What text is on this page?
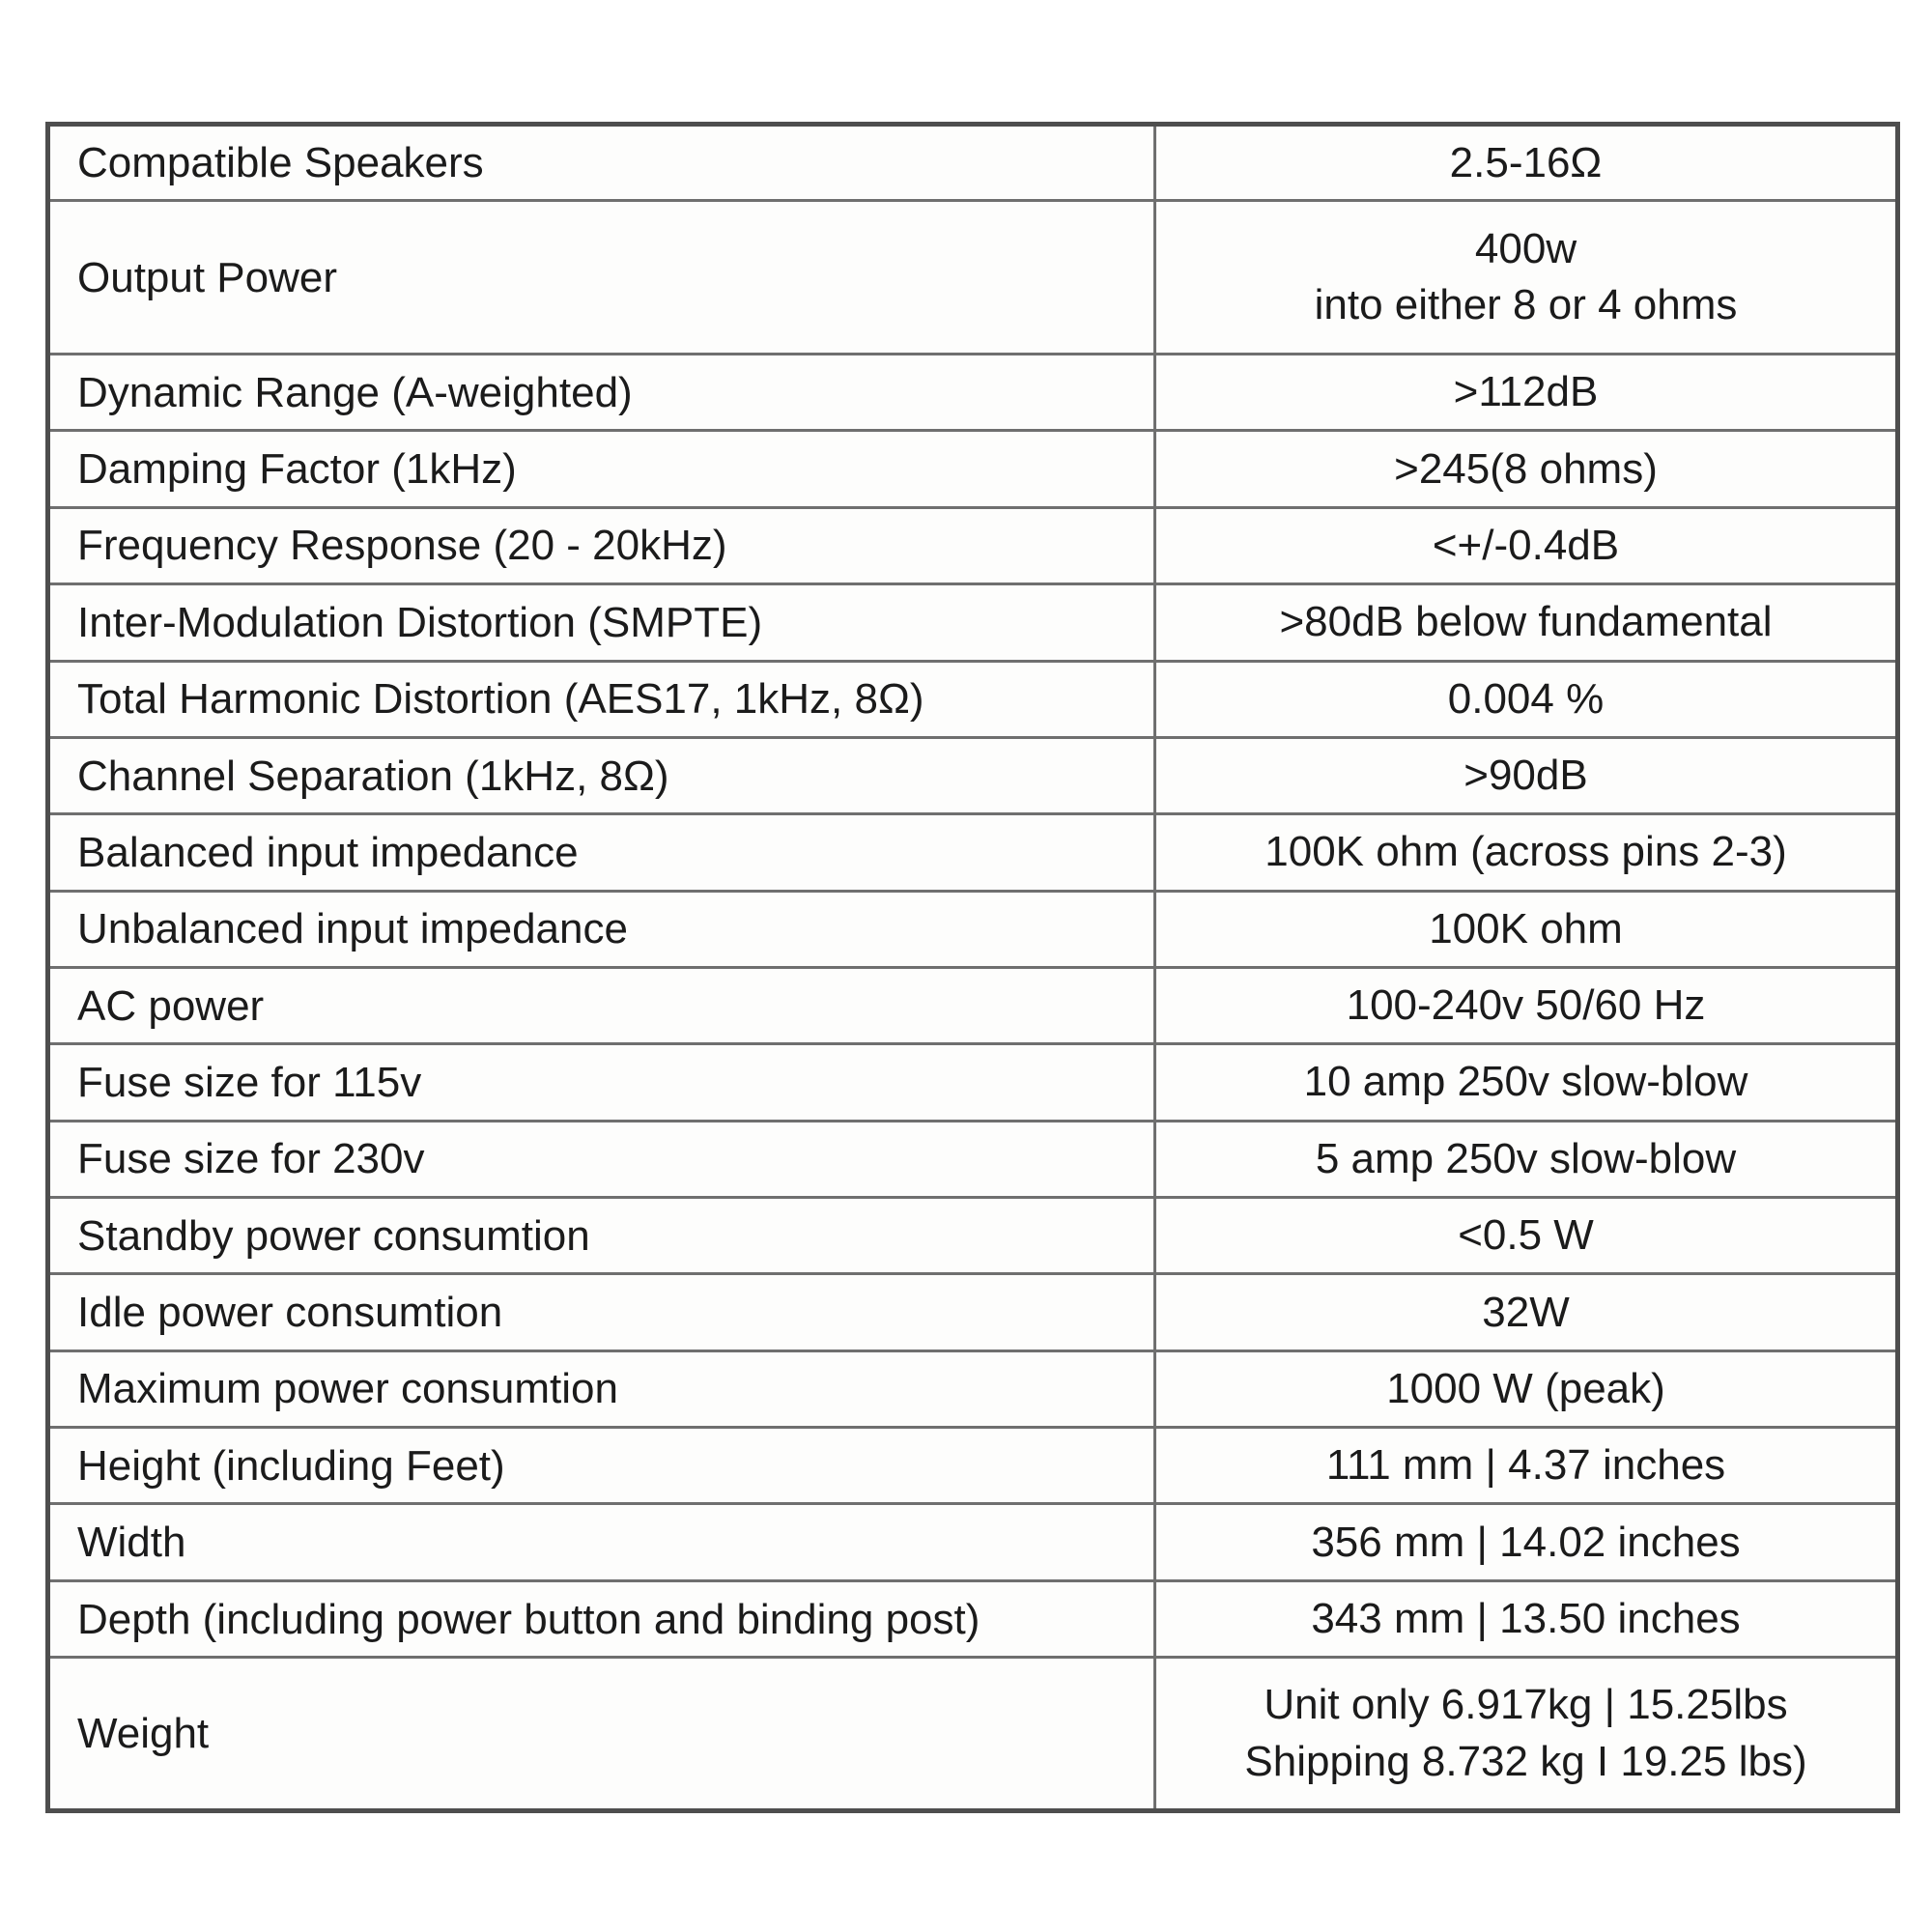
Compatible Speakers	2.5-16Ω

Output Power	400w
into either 8 or 4 ohms

Dynamic Range (A-weighted)	>112dB

Damping Factor (1kHz)	>245(8 ohms)

Frequency Response (20 - 20kHz)	<+/-0.4dB

Inter-Modulation Distortion (SMPTE)	>80dB below fundamental

Total Harmonic Distortion (AES17, 1kHz, 8Ω)	0.004 %

Channel Separation (1kHz, 8Ω)	>90dB

Balanced input impedance	100K ohm (across pins 2-3)

Unbalanced input impedance	100K ohm

AC power	100-240v 50/60 Hz

Fuse size for 115v	10 amp 250v slow-blow

Fuse size for 230v	5 amp 250v slow-blow

Standby power consumtion	<0.5 W

Idle power consumtion	32W

Maximum power consumtion	1000 W (peak)

Height (including Feet)	111 mm | 4.37 inches

Width	356 mm | 14.02 inches

Depth (including power button and binding post)	343 mm | 13.50 inches

Weight	Unit only 6.917kg | 15.25lbs
Shipping 8.732 kg I 19.25 lbs)
